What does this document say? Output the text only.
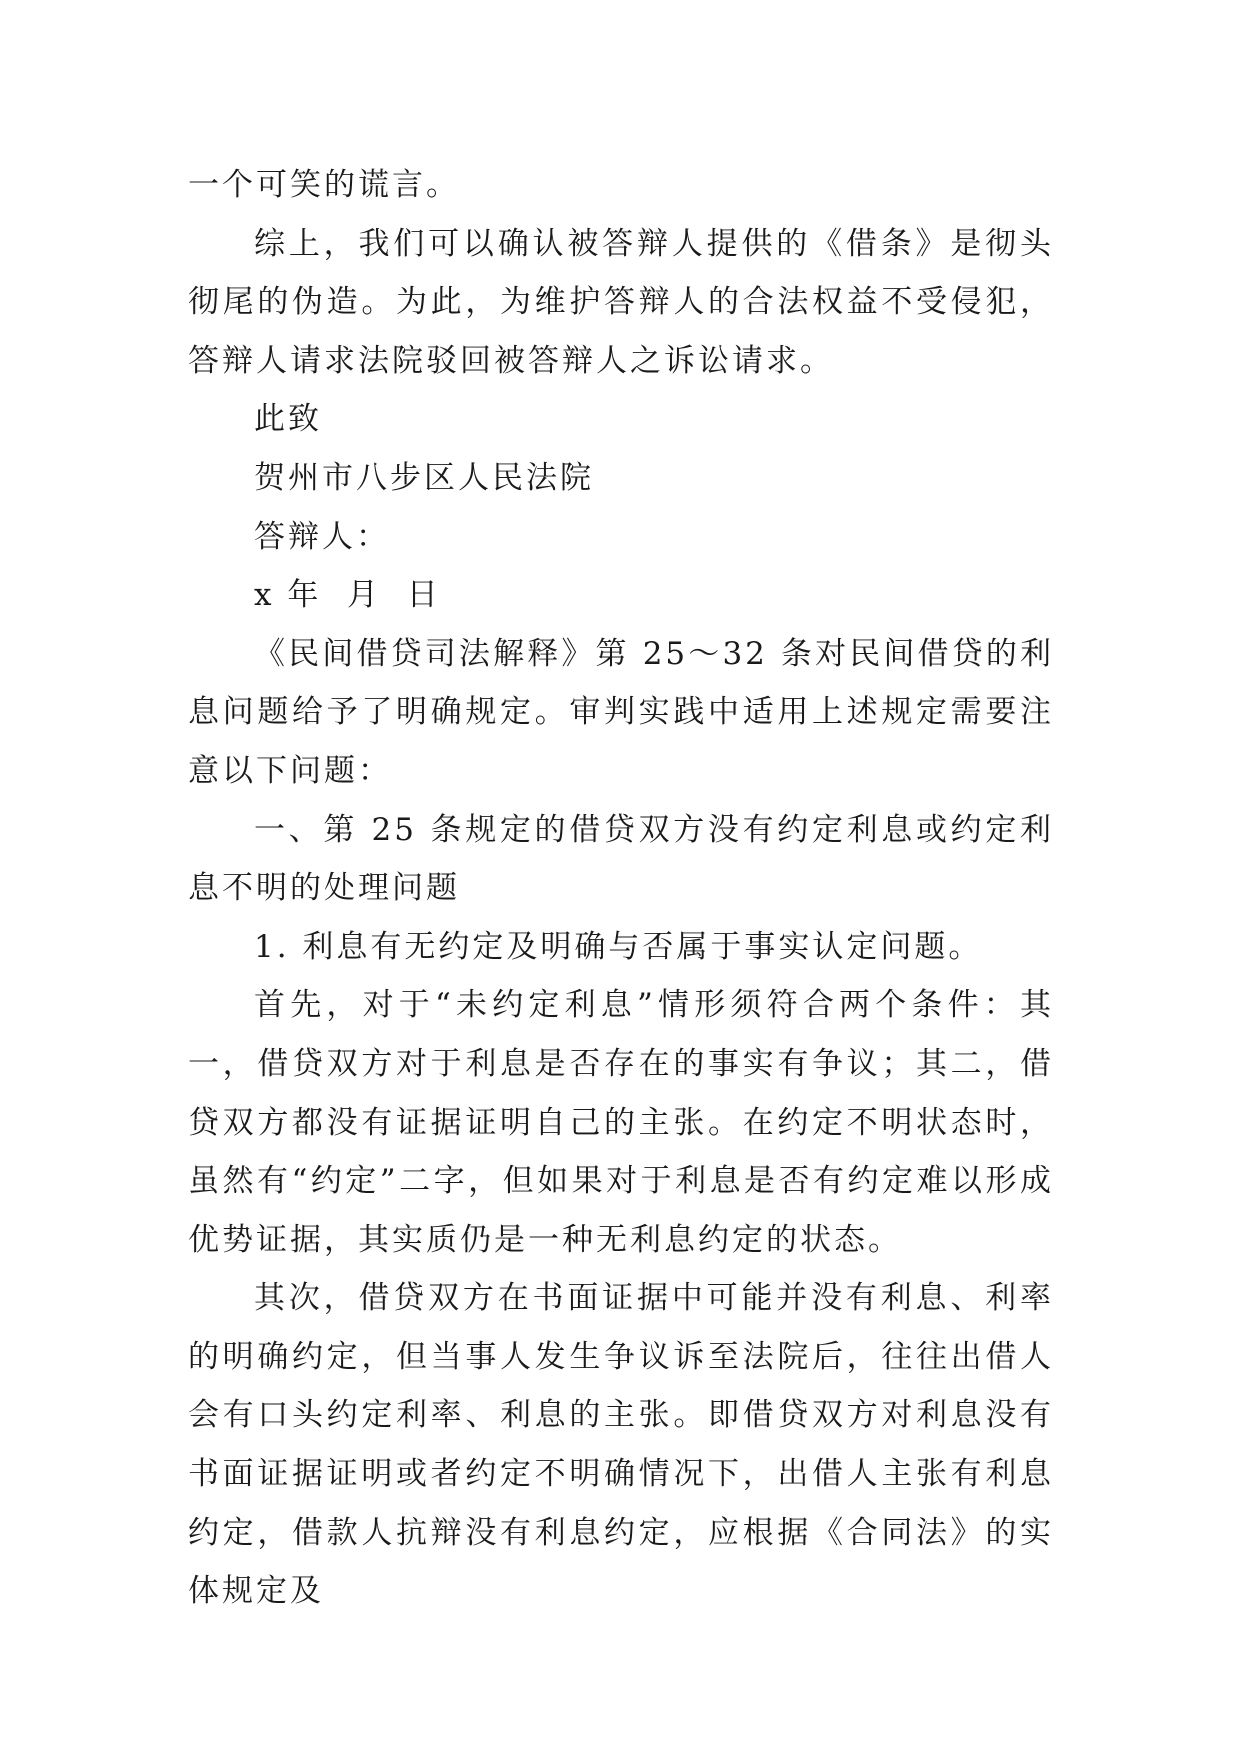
一个可笑的谎言。

综上，我们可以确认被答辩人提供的《借条》是彻头彻尾的伪造。为此，为维护答辩人的合法权益不受侵犯，答辩人请求法院驳回被答辩人之诉讼请求。

此致

贺州市八步区人民法院

答辩人：

x 年  月  日

《民间借贷司法解释》第 25～32 条对民间借贷的利息问题给予了明确规定。审判实践中适用上述规定需要注意以下问题：

一、第 25 条规定的借贷双方没有约定利息或约定利息不明的处理问题

1. 利息有无约定及明确与否属于事实认定问题。

首先，对于“未约定利息”情形须符合两个条件：其一，借贷双方对于利息是否存在的事实有争议；其二，借贷双方都没有证据证明自己的主张。在约定不明状态时，虽然有“约定”二字，但如果对于利息是否有约定难以形成优势证据，其实质仍是一种无利息约定的状态。

其次，借贷双方在书面证据中可能并没有利息、利率的明确约定，但当事人发生争议诉至法院后，往往出借人会有口头约定利率、利息的主张。即借贷双方对利息没有书面证据证明或者约定不明确情况下，出借人主张有利息约定，借款人抗辩没有利息约定，应根据《合同法》的实体规定及
